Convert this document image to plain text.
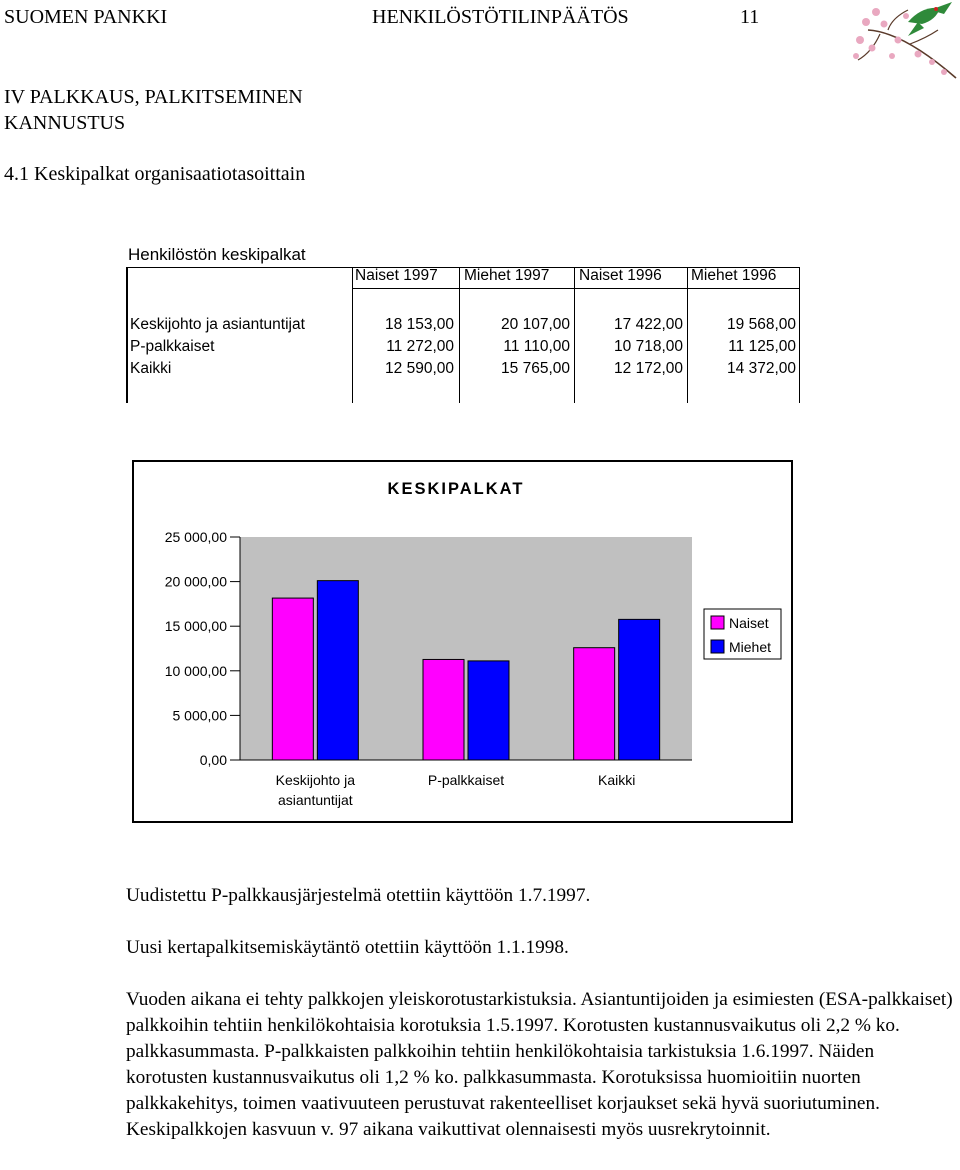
SUOMEN PANKKI	HENKILÖSTÖTILINPÄÄTÖS	11
IV PALKKAUS, PALKITSEMINEN
KANNUSTUS
4.1 Keskipalkat organisaatiotasoittain
Henkilöstön keskipalkat
Naiset 1997 Miehet 1997 Naiset 1996 Miehet 1996
Keskijohto ja asiantuntijat	18 153,00	20 107,00	17 422,00	19 568,00
P-palkkaiset	11 272,00	11 110,00	10 718,00	11 125,00
Kaikki	12 590,00	15 765,00	12 172,00	14 372,00
KESKIPALKAT
0,00
5 000,00
10 000,00
15 000,00
20 000,00
25 000,00
Keskijohto ja
asiantuntijat
P-palkkaiset	Kaikki
Naiset
Miehet
Uudistettu P-palkkausjärjestelmä otettiin käyttöön 1.7.1997.
Uusi kertapalkitsemiskäytäntö otettiin käyttöön 1.1.1998.
Vuoden aikana ei tehty palkkojen yleiskorotustarkistuksia. Asiantuntijoiden ja esimiesten (ESA-palkkaiset) palkkoihin tehtiin henkilökohtaisia korotuksia 1.5.1997. Korotusten kustannusvaikutus oli 2,2 % ko. palkkasummasta. P-palkkaisten palkkoihin tehtiin henkilökohtaisia tarkistuksia 1.6.1997. Näiden korotusten kustannusvaikutus oli 1,2 % ko. palkkasummasta. Korotuksissa huomioitiin nuorten palkkakehitys, toimen vaativuuteen perustuvat rakenteelliset korjaukset sekä hyvä suoriutuminen. Keskipalkkojen kasvuun v. 97 aikana vaikuttivat olennaisesti myös uusrekrytoinnit.
